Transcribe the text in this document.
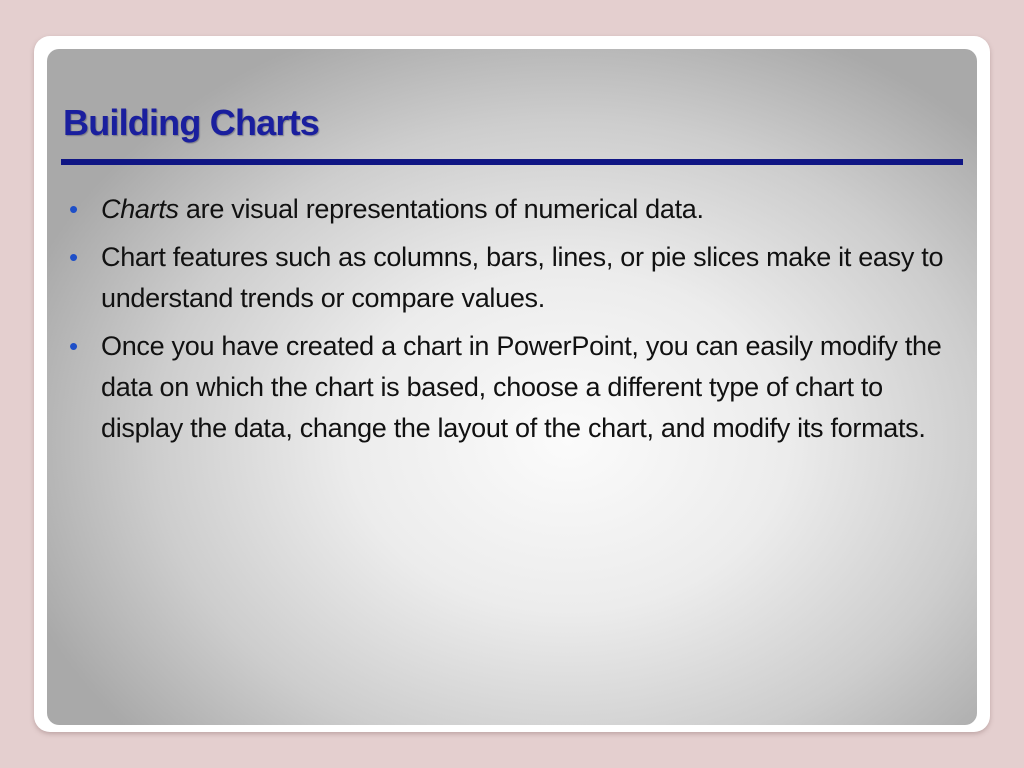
Building Charts
• Charts are visual representations of numerical data.
• Chart features such as columns, bars, lines, or pie slices make it easy to understand trends or compare values.
• Once you have created a chart in PowerPoint, you can easily modify the data on which the chart is based, choose a different type of chart to display the data, change the layout of the chart, and modify its formats.
